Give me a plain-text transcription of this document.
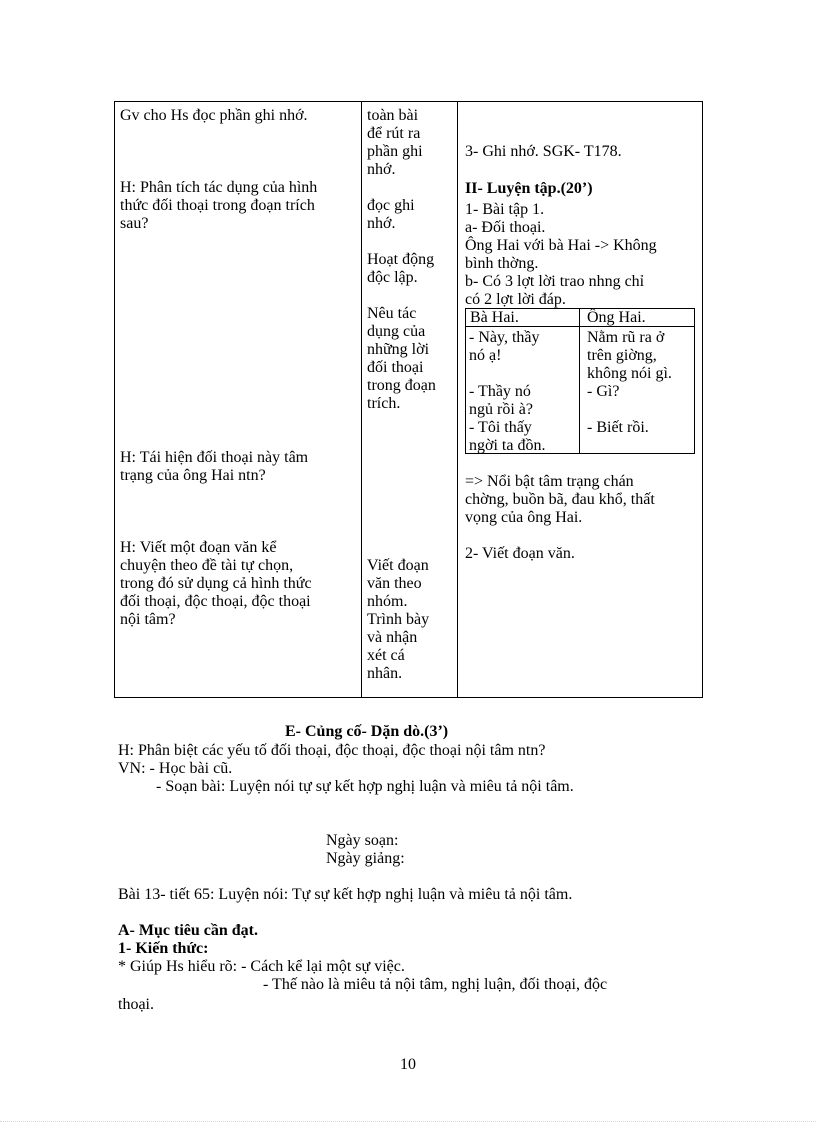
Gv cho Hs đọc phần ghi nhớ.
H: Phân tích tác dụng của hình
thức đối thoại trong đoạn trích
sau?
H: Tái hiện đối thoại này tâm
trạng của ông Hai ntn?
H: Viết một đoạn văn kể
chuyện theo đề tài tự chọn,
trong đó sử dụng cả hình thức
đối thoại, độc thoại, độc thoại
nội tâm?
toàn bài
để rút ra
phần ghi
nhớ.
đọc ghi
nhớ.
Hoạt động
độc lập.
Nêu tác
dụng của
những lời
đối thoại
trong đoạn
trích.
Viết đoạn
văn theo
nhóm.
Trình bày
và nhận
xét cá
nhân.
3- Ghi nhớ. SGK- T178.
II- Luyện tập.(20’)
1- Bài tập 1.
a- Đối thoại.
Ông Hai với bà Hai -> Không
bình thờng.
b- Có 3 lợt lời trao nhng chỉ
có 2 lợt lời đáp.
Bà Hai.	Ông Hai.
- Này, thầy
nó ạ!
- Thầy nó
ngủ rồi à?
- Tôi thấy
ngời ta đồn.
Nằm rũ ra ở
trên giờng,
không nói gì.
- Gì?
- Biết rồi.
=> Nổi bật tâm trạng chán
chờng, buồn bã, đau khổ, thất
vọng của ông Hai.
2- Viết đoạn văn.
E- Củng cố- Dặn dò.(3’)
H: Phân biệt các yếu tố đối thoại, độc thoại, độc thoại nội tâm ntn?
VN: - Học bài cũ.
- Soạn bài: Luyện nói tự sự kết hợp nghị luận và miêu tả nội tâm.
Ngày soạn:
Ngày giảng:
Bài 13- tiết 65: Luyện nói: Tự sự kết hợp nghị luận và miêu tả nội tâm.
A- Mục tiêu cần đạt.
1- Kiến thức:
* Giúp Hs hiểu rõ: - Cách kể lại một sự việc.
- Thế nào là miêu tả nội tâm, nghị luận, đối thoại, độc
thoại.
10
